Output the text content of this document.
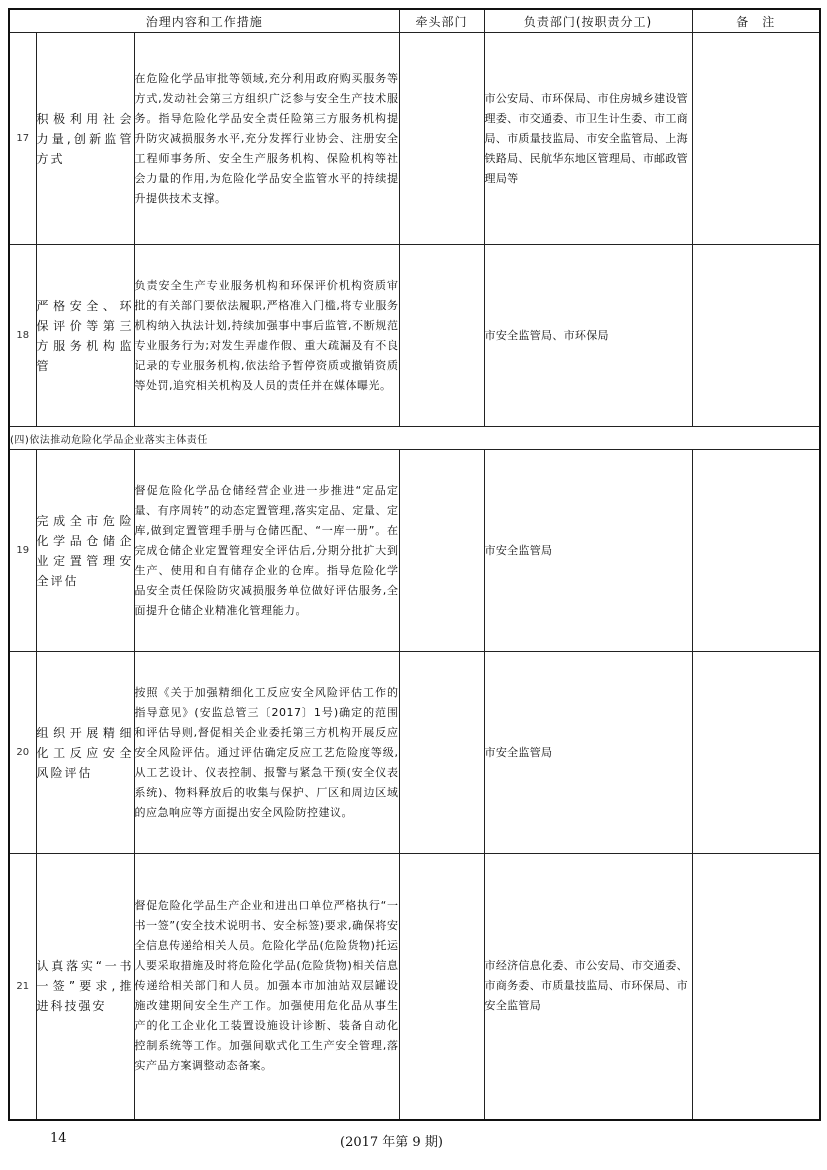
治理内容和工作措施			牵头部门	负责部门(按职责分工)	备　注
17	积极利用社会力量,创新监管方式	在危险化学品审批等领域,充分利用政府购买服务等方式,发动社会第三方组织广泛参与安全生产技术服务。指导危险化学品安全责任险第三方服务机构提升防灾减损服务水平,充分发挥行业协会、注册安全工程师事务所、安全生产服务机构、保险机构等社会力量的作用,为危险化学品安全监管水平的持续提升提供技术支撑。		市公安局、市环保局、市住房城乡建设管理委、市交通委、市卫生计生委、市工商局、市质量技监局、市安全监管局、上海铁路局、民航华东地区管理局、市邮政管理局等	
18	严格安全、环保评价等第三方服务机构监管	负责安全生产专业服务机构和环保评价机构资质审批的有关部门要依法履职,严格准入门槛,将专业服务机构纳入执法计划,持续加强事中事后监管,不断规范专业服务行为;对发生弄虚作假、重大疏漏及有不良记录的专业服务机构,依法给予暂停资质或撤销资质等处罚,追究相关机构及人员的责任并在媒体曝光。		市安全监管局、市环保局	
(四)依法推动危险化学品企业落实主体责任					
19	完成全市危险化学品仓储企业定置管理安全评估	督促危险化学品仓储经营企业进一步推进“定品定量、有序周转”的动态定置管理,落实定品、定量、定库,做到定置管理手册与仓储匹配、“一库一册”。在完成仓储企业定置管理安全评估后,分期分批扩大到生产、使用和自有储存企业的仓库。指导危险化学品安全责任保险防灾减损服务单位做好评估服务,全面提升仓储企业精准化管理能力。		市安全监管局	
20	组织开展精细化工反应安全风险评估	按照《关于加强精细化工反应安全风险评估工作的指导意见》(安监总管三〔2017〕1号)确定的范围和评估导则,督促相关企业委托第三方机构开展反应安全风险评估。通过评估确定反应工艺危险度等级,从工艺设计、仪表控制、报警与紧急干预(安全仪表系统)、物料释放后的收集与保护、厂区和周边区域的应急响应等方面提出安全风险防控建议。		市安全监管局	
21	认真落实“一书一签”要求,推进科技强安	督促危险化学品生产企业和进出口单位严格执行“一书一签”(安全技术说明书、安全标签)要求,确保将安全信息传递给相关人员。危险化学品(危险货物)托运人要采取措施及时将危险化学品(危险货物)相关信息传递给相关部门和人员。加强本市加油站双层罐设施改建期间安全生产工作。加强使用危化品从事生产的化工企业化工装置设施设计诊断、装备自动化控制系统等工作。加强间歇式化工生产安全管理,落实产品方案调整动态备案。		市经济信息化委、市公安局、市交通委、市商务委、市质量技监局、市环保局、市安全监管局	
14	(2017 年第 9 期)
